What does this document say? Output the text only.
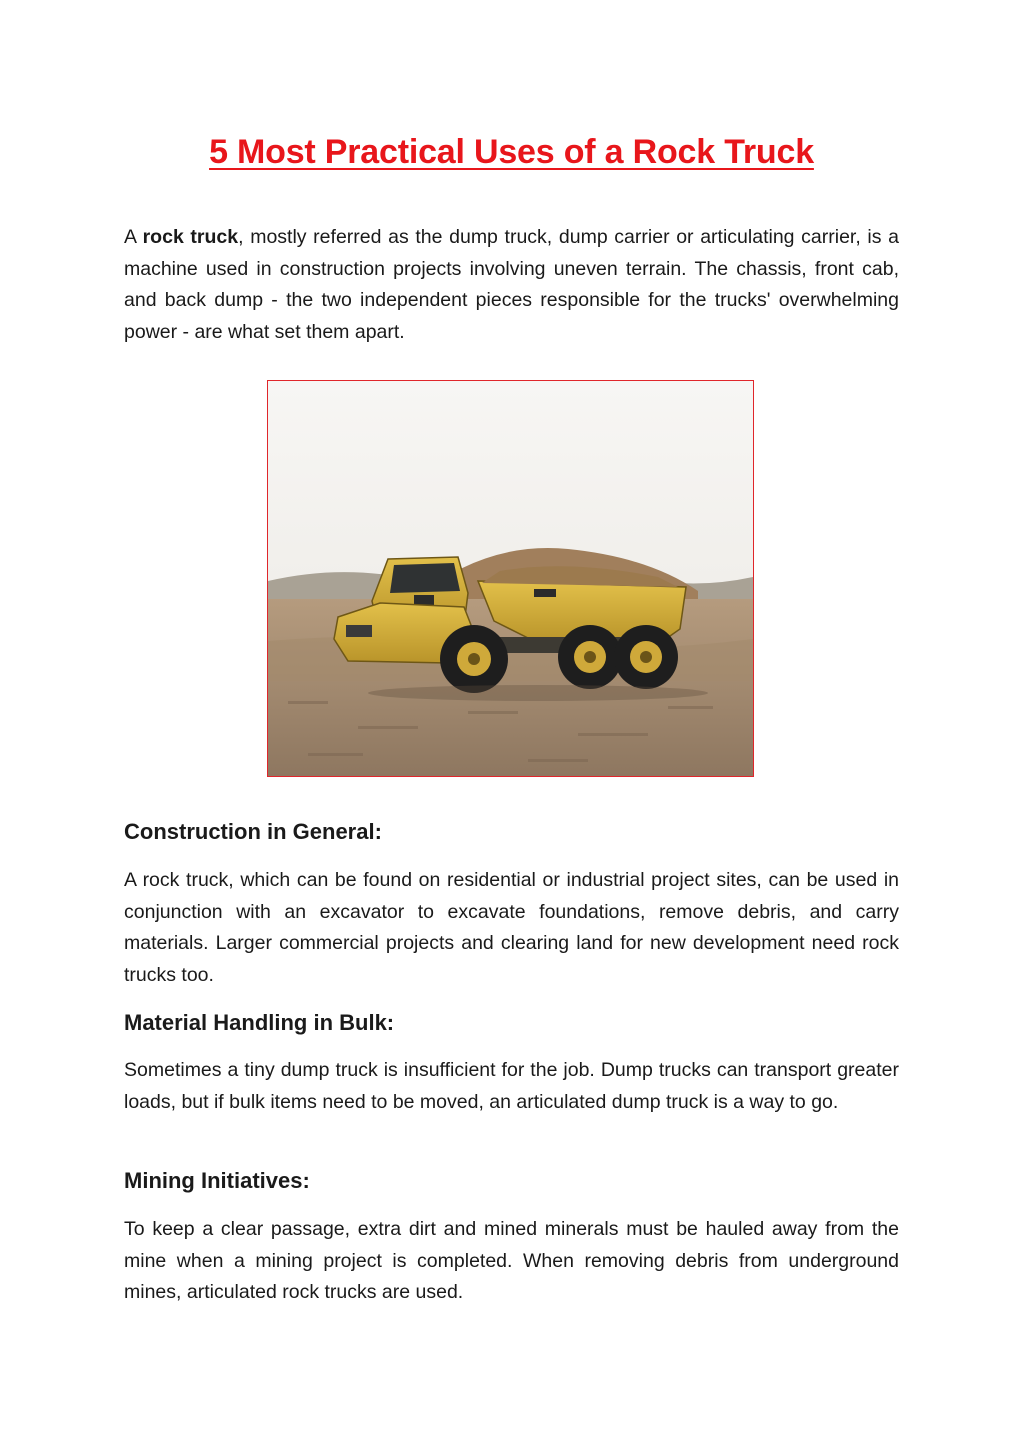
5 Most Practical Uses of a Rock Truck

A rock truck, mostly referred as the dump truck, dump carrier or articulating carrier, is a machine used in construction projects involving uneven terrain. The chassis, front cab, and back dump - the two independent pieces responsible for the trucks' overwhelming power - are what set them apart.

Construction in General:

A rock truck, which can be found on residential or industrial project sites, can be used in conjunction with an excavator to excavate foundations, remove debris, and carry materials. Larger commercial projects and clearing land for new development need rock trucks too.

Material Handling in Bulk:

Sometimes a tiny dump truck is insufficient for the job. Dump trucks can transport greater loads, but if bulk items need to be moved, an articulated dump truck is a way to go.

Mining Initiatives:

To keep a clear passage, extra dirt and mined minerals must be hauled away from the mine when a mining project is completed. When removing debris from underground mines, articulated rock trucks are used.
